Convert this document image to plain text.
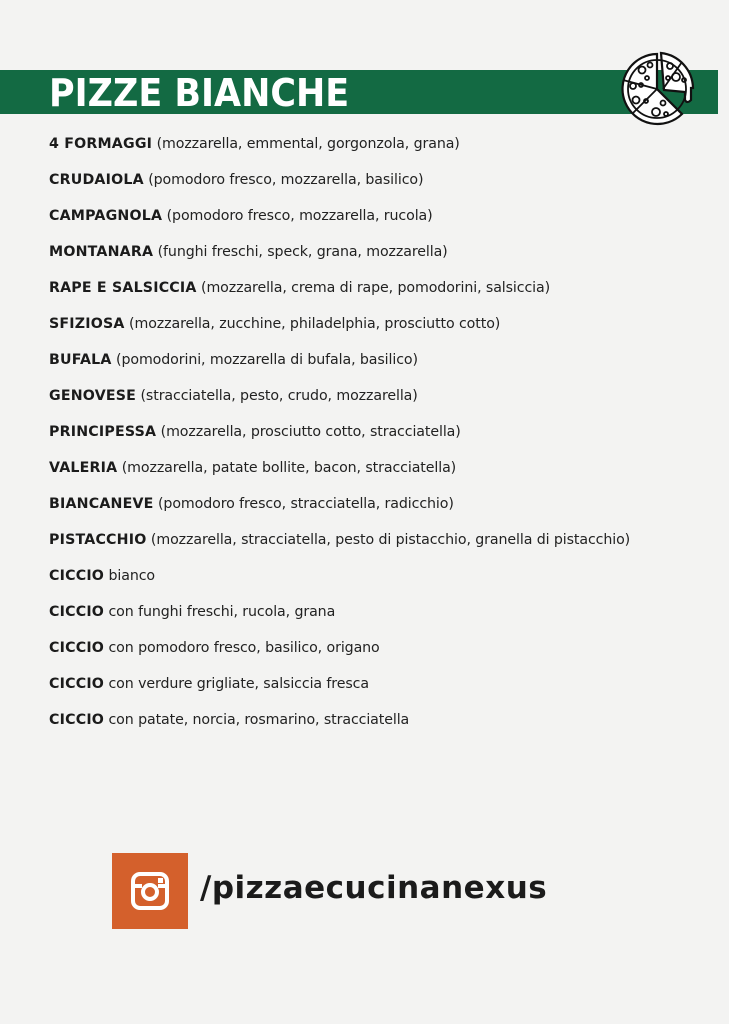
PIZZE BIANCHE
4 FORMAGGI (mozzarella, emmental, gorgonzola, grana)
CRUDAIOLA (pomodoro fresco, mozzarella, basilico)
CAMPAGNOLA (pomodoro fresco, mozzarella, rucola)
MONTANARA (funghi freschi, speck, grana, mozzarella)
RAPE E SALSICCIA (mozzarella, crema di rape, pomodorini, salsiccia)
SFIZIOSA (mozzarella, zucchine, philadelphia, prosciutto cotto)
BUFALA (pomodorini, mozzarella di bufala, basilico)
GENOVESE (stracciatella, pesto, crudo, mozzarella)
PRINCIPESSA (mozzarella, prosciutto cotto, stracciatella)
VALERIA (mozzarella, patate bollite, bacon, stracciatella)
BIANCANEVE (pomodoro fresco, stracciatella, radicchio)
PISTACCHIO (mozzarella, stracciatella, pesto di pistacchio, granella di pistacchio)
CICCIO bianco
CICCIO con funghi freschi, rucola, grana
CICCIO con pomodoro fresco, basilico, origano
CICCIO con verdure grigliate, salsiccia fresca
CICCIO con patate, norcia, rosmarino, stracciatella
/pizzaecucinanexus
